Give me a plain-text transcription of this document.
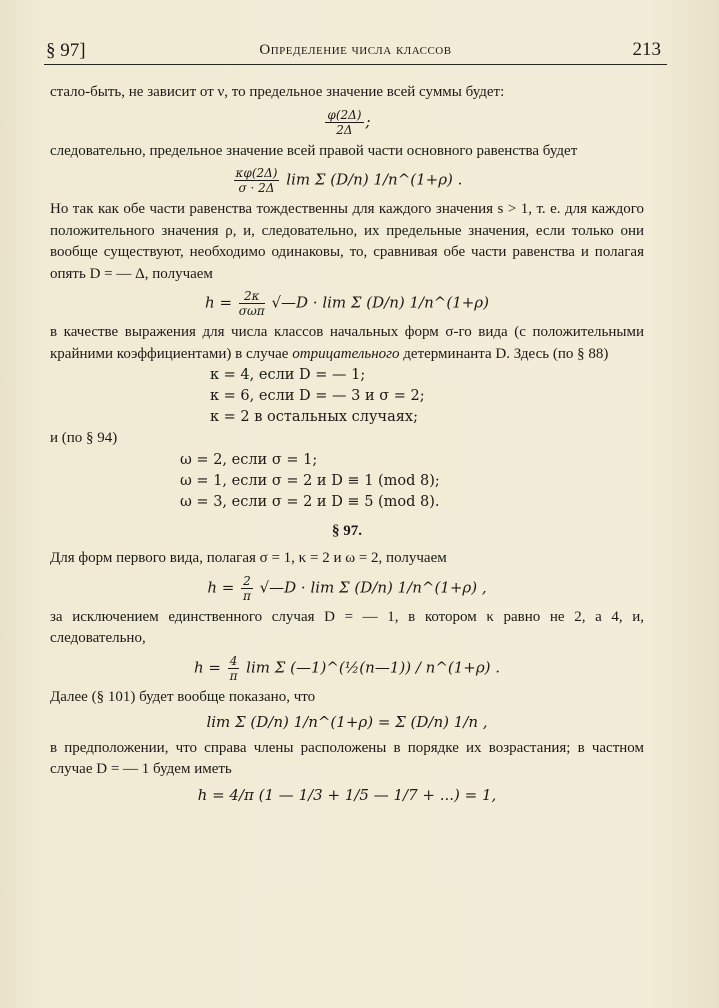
§ 97]	Определение числа классов	213

стало-быть, не зависит от ν, то предельное значение всей суммы будет:

$\frac{\varphi(2\Delta)}{2\Delta}$ ;

следовательно, предельное значение всей правой части основного равенства будет

$\frac{\kappa\varphi(2\Delta)}{\sigma \cdot 2\Delta}$ lim Σ (D/n) 1/n^(1+ρ) .

Но так как обе части равенства тождественны для каждого значения s > 1, т. е. для каждого положительного значения ρ, и, следовательно, их предельные значения, если только они вообще существуют, необходимо одинаковы, то, сравнивая обе части равенства и полагая опять D = — Δ, получаем

$h = \frac{2\kappa}{\text{σωπ}}$ √—D · lim Σ (D/n) 1/n^(1+ρ)

в качестве выражения для числа классов начальных форм σ-го вида (с положительными крайними коэффициентами) в случае отрицательного детерминанта D. Здесь (по § 88)

κ = 4, если D = — 1;
κ = 6, если D = — 3 и σ = 2;
κ = 2 в остальных случаях;

и (по § 94)

ω = 2, если σ = 1;
ω = 1, если σ = 2 и D ≡ 1 (mod 8);
ω = 3, если σ = 2 и D ≡ 5 (mod 8).
§ 97.

Для форм первого вида, полагая σ = 1, κ = 2 и ω = 2, получаем

$h = \frac{2}{\pi}$ √—D · lim Σ (D/n) 1/n^(1+ρ) ,

за исключением единственного случая D = — 1, в котором κ равно не 2, а 4, и, следовательно,

$h = \frac{4}{\pi}$ lim Σ (—1)^(½(n—1)) / n^(1+ρ) .

Далее (§ 101) будет вообще показано, что

lim Σ (D/n) 1/n^(1+ρ) = Σ (D/n) 1/n ,

в предположении, что справа члены расположены в порядке их возрастания; в частном случае D = — 1 будем иметь

h = 4/π (1 — 1/3 + 1/5 — 1/7 + ...) = 1,
